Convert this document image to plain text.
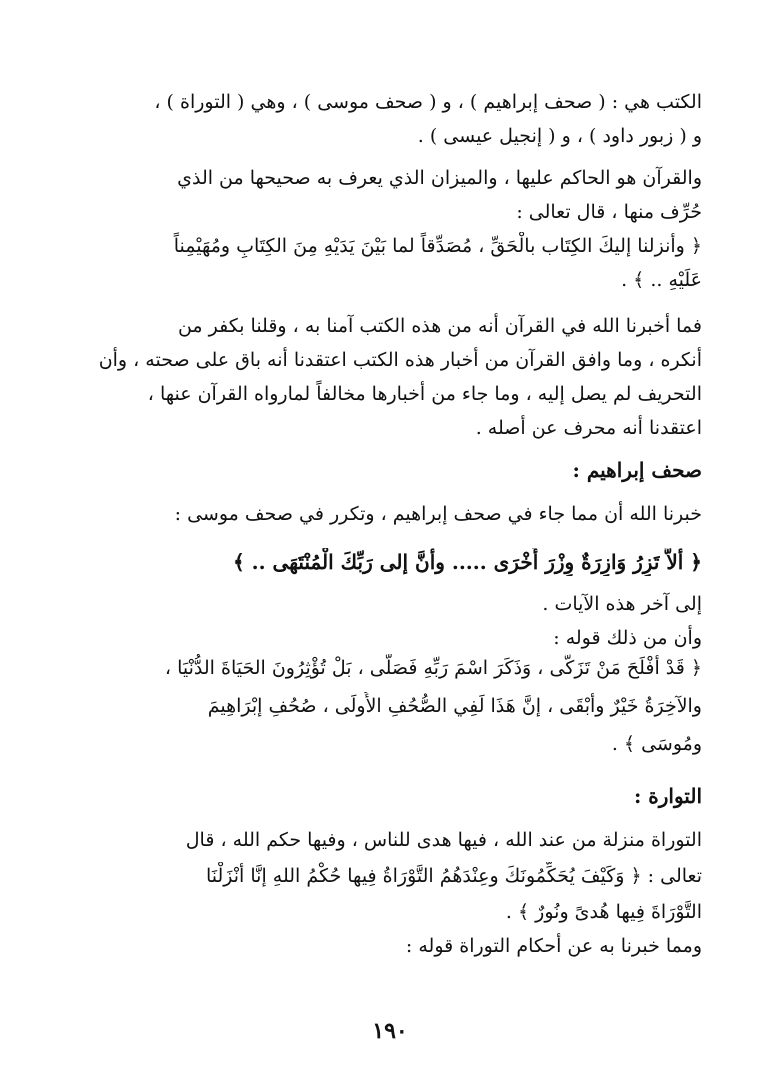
الكتب هي : ( صحف إبراهيم ) ، و ( صحف موسى ) ، وهي ( التوراة ) ،
و ( زبور داود ) ، و ( إنجيل عيسى ) .
والقرآن هو الحاكم عليها ، والميزان الذي يعرف به صحيحها من الذي
حُرِّف منها ، قال تعالى :
﴿ وأنزلنا إليكَ الكِتَاب بالْحَقِّ ، مُصَدِّقاً لما بَيْنَ يَدَيْهِ مِنَ الكِتَابِ ومُهَيْمِناً
عَلَيْهِ .. ﴾ .
فما أخبرنا الله في القرآن أنه من هذه الكتب آمنا به ، وقلنا بكفر من
أنكره ، وما وافق القرآن من أخبار هذه الكتب اعتقدنا أنه باق على صحته ، وأن
التحريف لم يصل إليه ، وما جاء من أخبارها مخالفاً لمارواه القرآن عنها ،
اعتقدنا أنه محرف عن أصله .
صحف إبراهيم :
خبرنا الله أن مما جاء في صحف إبراهيم ، وتكرر في صحف موسى :
﴿ ألاَّ تَزِرُ وَازِرَةٌ وِزْرَ أُخْرَى ..... وأنَّ إلى رَبِّكَ الْمُنْتَهَى .. ﴾
إلى آخر هذه الآيات .
وأن من ذلك قوله :
﴿ قَدْ أفْلَحَ مَنْ تَزَكَّى ، وَذَكَرَ اسْمَ رَبِّهِ فَصَلَّى ، بَلْ تُؤْثِرُونَ الحَيَاةَ الدُّنْيَا ،
والآخِرَةُ خَيْرٌ وأبْقَى ، إنَّ هَذَا لَفِي الصُّحُفِ الأُولَى ، صُحُفِ إبْرَاهِيمَ
ومُوسَى ﴾ .
التوارة :
التوراة منزلة من عند الله ، فيها هدى للناس ، وفيها حكم الله ، قال
تعالى : ﴿ وَكَيْفَ يُحَكِّمُونَكَ وعِنْدَهُمُ التَّوْرَاةُ فِيها حُكْمُ اللهِ إنَّا أنْزَلْنَا
التَّوْرَاةَ فِيها هُدىً ونُورٌ ﴾ .
ومما خبرنا به عن أحكام التوراة قوله :
١٩٠
